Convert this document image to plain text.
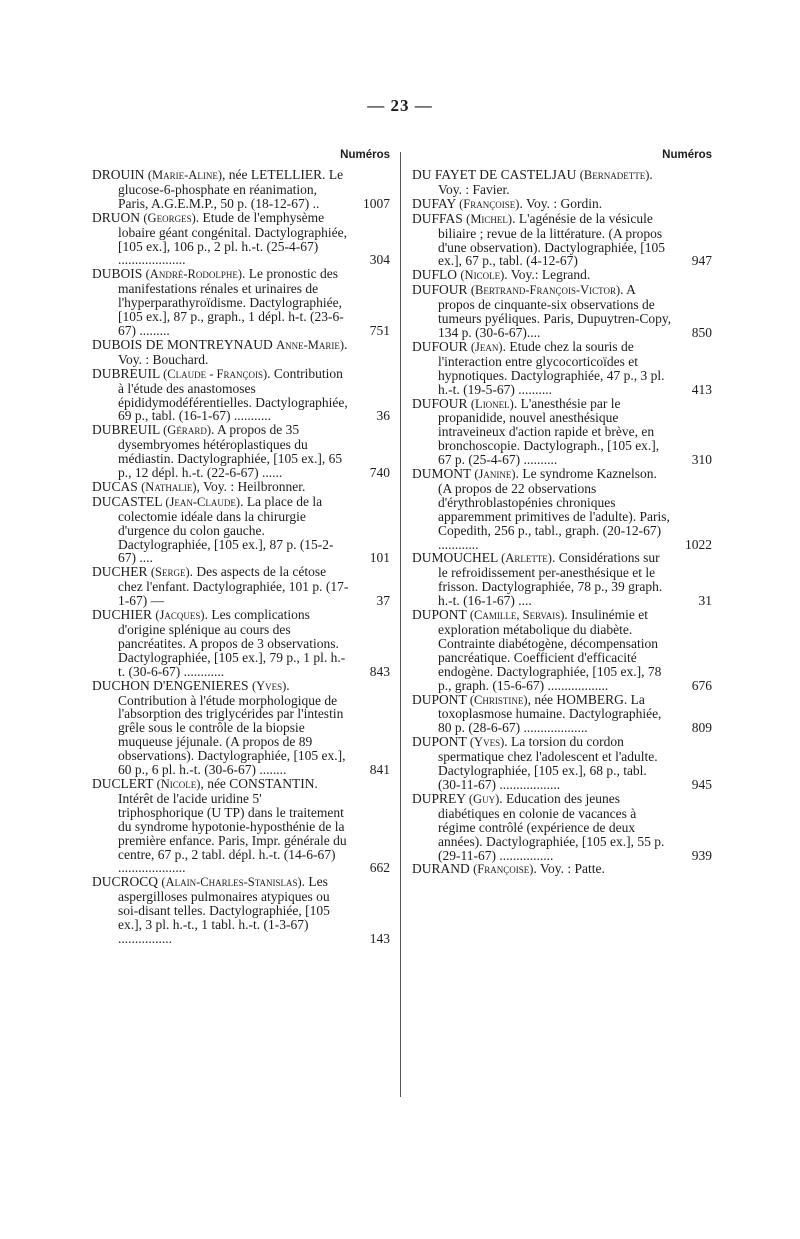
— 23 —
Numéros
DROUIN (Marie-Aline), née LETELLIER. Le glucose-6-phosphate en réanimation, Paris, A.G.E.M.P., 50 p. (18-12-67) ..	1007
DRUON (Georges). Etude de l'emphysème lobaire géant congénital. Dactylographiée, [105 ex.], 106 p., 2 pl. h.-t. (25-4-67) ....................	304
DUBOIS (André-Rodolphe). Le pronostic des manifestations rénales et urinaires de l'hyperparathyroïdisme. Dactylographiée, [105 ex.], 87 p., graph., 1 dépl. h-t. (23-6-67) .........	751
DUBOIS DE MONTREYNAUD Anne-Marie). Voy. : Bouchard.
DUBREUIL (Claude - François). Contribution à l'étude des anastomoses épididymodéférentielles. Dactylographiée, 69 p., tabl. (16-1-67) ...........	36
DUBREUIL (Gérard). A propos de 35 dysembryomes hétéroplastiques du médiastin. Dactylographiée, [105 ex.], 65 p., 12 dépl. h.-t. (22-6-67) ......	740
DUCAS (Nathalie), Voy. : Heilbronner.
DUCASTEL (Jean-Claude). La place de la colectomie idéale dans la chirurgie d'urgence du colon gauche. Dactylographiée, [105 ex.], 87 p. (15-2-67) ....	101
DUCHER (Serge). Des aspects de la cétose chez l'enfant. Dactylographiée, 101 p. (17-1-67) —	37
DUCHIER (Jacques). Les complications d'origine splénique au cours des pancréatites. A propos de 3 observations. Dactylographiée, [105 ex.], 79 p., 1 pl. h.-t. (30-6-67) ............	843
DUCHON D'ENGENIERES (Yves). Contribution à l'étude morphologique de l'absorption des triglycérides par l'intestin grêle sous le contrôle de la biopsie muqueuse jéjunale. (A propos de 89 observations). Dactylographiée, [105 ex.], 60 p., 6 pl. h.-t. (30-6-67) ........	841
DUCLERT (Nicole), née CONSTANTIN. Intérêt de l'acide uridine 5' triphosphorique (U TP) dans le traitement du syndrome hypotonie-hyposthénie de la première enfance. Paris, Impr. générale du centre, 67 p., 2 tabl. dépl. h.-t. (14-6-67) ....................	662
DUCROCQ (Alain-Charles-Stanislas). Les aspergilloses pulmonaires atypiques ou soi-disant telles. Dactylographiée, [105 ex.], 3 pl. h.-t., 1 tabl. h.-t. (1-3-67) ................	143
Numéros
DU FAYET DE CASTELJAU (Bernadette). Voy. : Favier.
DUFAY (Françoise). Voy. : Gordin.
DUFFAS (Michel). L'agénésie de la vésicule biliaire ; revue de la littérature. (A propos d'une observation). Dactylographiée, [105 ex.], 67 p., tabl. (4-12-67)	947
DUFLO (Nicole). Voy.: Legrand.
DUFOUR (Bertrand-François-Victor). A propos de cinquante-six observations de tumeurs pyéliques. Paris, Dupuytren-Copy, 134 p. (30-6-67)....	850
DUFOUR (Jean). Etude chez la souris de l'interaction entre glycocorticoïdes et hypnotiques. Dactylographiée, 47 p., 3 pl. h.-t. (19-5-67) ..........	413
DUFOUR (Lionel). L'anesthésie par le propanidide, nouvel anesthésique intraveineux d'action rapide et brève, en bronchoscopie. Dactylograph., [105 ex.], 67 p. (25-4-67) ..........	310
DUMONT (Janine). Le syndrome Kaznelson. (A propos de 22 observations d'érythroblastopénies chroniques apparemment primitives de l'adulte). Paris, Copedith, 256 p., tabl., graph. (20-12-67) ............	1022
DUMOUCHEL (Arlette). Considérations sur le refroidissement per-anesthésique et le frisson. Dactylographiée, 78 p., 39 graph. h.-t. (16-1-67) ....	31
DUPONT (Camille, Servais). Insulinémie et exploration métabolique du diabète. Contrainte diabétogène, décompensation pancréatique. Coefficient d'efficacité endogène. Dactylographiée, [105 ex.], 78 p., graph. (15-6-67) ..................	676
DUPONT (Christine), née HOMBERG. La toxoplasmose humaine. Dactylographiée, 80 p. (28-6-67) ...................	809
DUPONT (Yves). La torsion du cordon spermatique chez l'adolescent et l'adulte. Dactylographiée, [105 ex.], 68 p., tabl. (30-11-67) ..................	945
DUPREY (Guy). Education des jeunes diabétiques en colonie de vacances à régime contrôlé (expérience de deux années). Dactylographiée, [105 ex.], 55 p. (29-11-67) ................	939
DURAND (Françoise). Voy. : Patte.
